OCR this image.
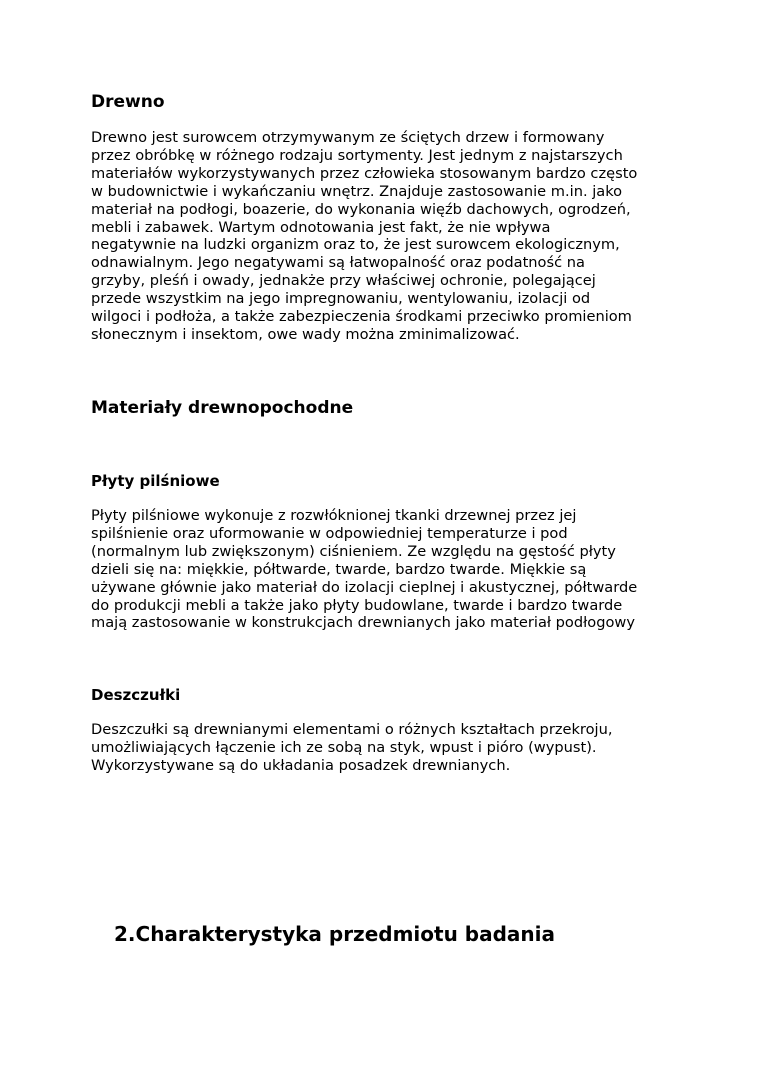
Drewno
Drewno jest surowcem otrzymywanym ze ściętych drzew i formowany
przez obróbkę w różnego rodzaju sortymenty. Jest jednym z najstarszych
materiałów wykorzystywanych przez człowieka stosowanym bardzo często
w budownictwie i wykańczaniu wnętrz. Znajduje zastosowanie m.in. jako
materiał na podłogi, boazerie, do wykonania więźb dachowych, ogrodzeń,
mebli i zabawek. Wartym odnotowania jest fakt, że nie wpływa
negatywnie na ludzki organizm oraz to, że jest surowcem ekologicznym,
odnawialnym. Jego negatywami są łatwopalność oraz podatność na
grzyby, pleśń i owady, jednakże przy właściwej ochronie, polegającej
przede wszystkim na jego impregnowaniu, wentylowaniu, izolacji od
wilgoci i podłoża, a także zabezpieczenia środkami przeciwko promieniom
słonecznym i insektom, owe wady można zminimalizować.
Materiały drewnopochodne
Płyty pilśniowe
Płyty pilśniowe wykonuje z rozwłóknionej tkanki drzewnej przez jej
spilśnienie oraz uformowanie w odpowiedniej temperaturze i pod
(normalnym lub zwiększonym) ciśnieniem. Ze względu na gęstość płyty
dzieli się na: miękkie, półtwarde, twarde, bardzo twarde. Miękkie są
używane głównie jako materiał do izolacji cieplnej i akustycznej, półtwarde
do produkcji mebli a także jako płyty budowlane, twarde i bardzo twarde
mają zastosowanie w konstrukcjach drewnianych jako materiał podłogowy
Deszczułki
Deszczułki są drewnianymi elementami o różnych kształtach przekroju,
umożliwiających łączenie ich ze sobą na styk, wpust i pióro (wypust).
Wykorzystywane są do układania posadzek drewnianych.
2.Charakterystyka przedmiotu badania
